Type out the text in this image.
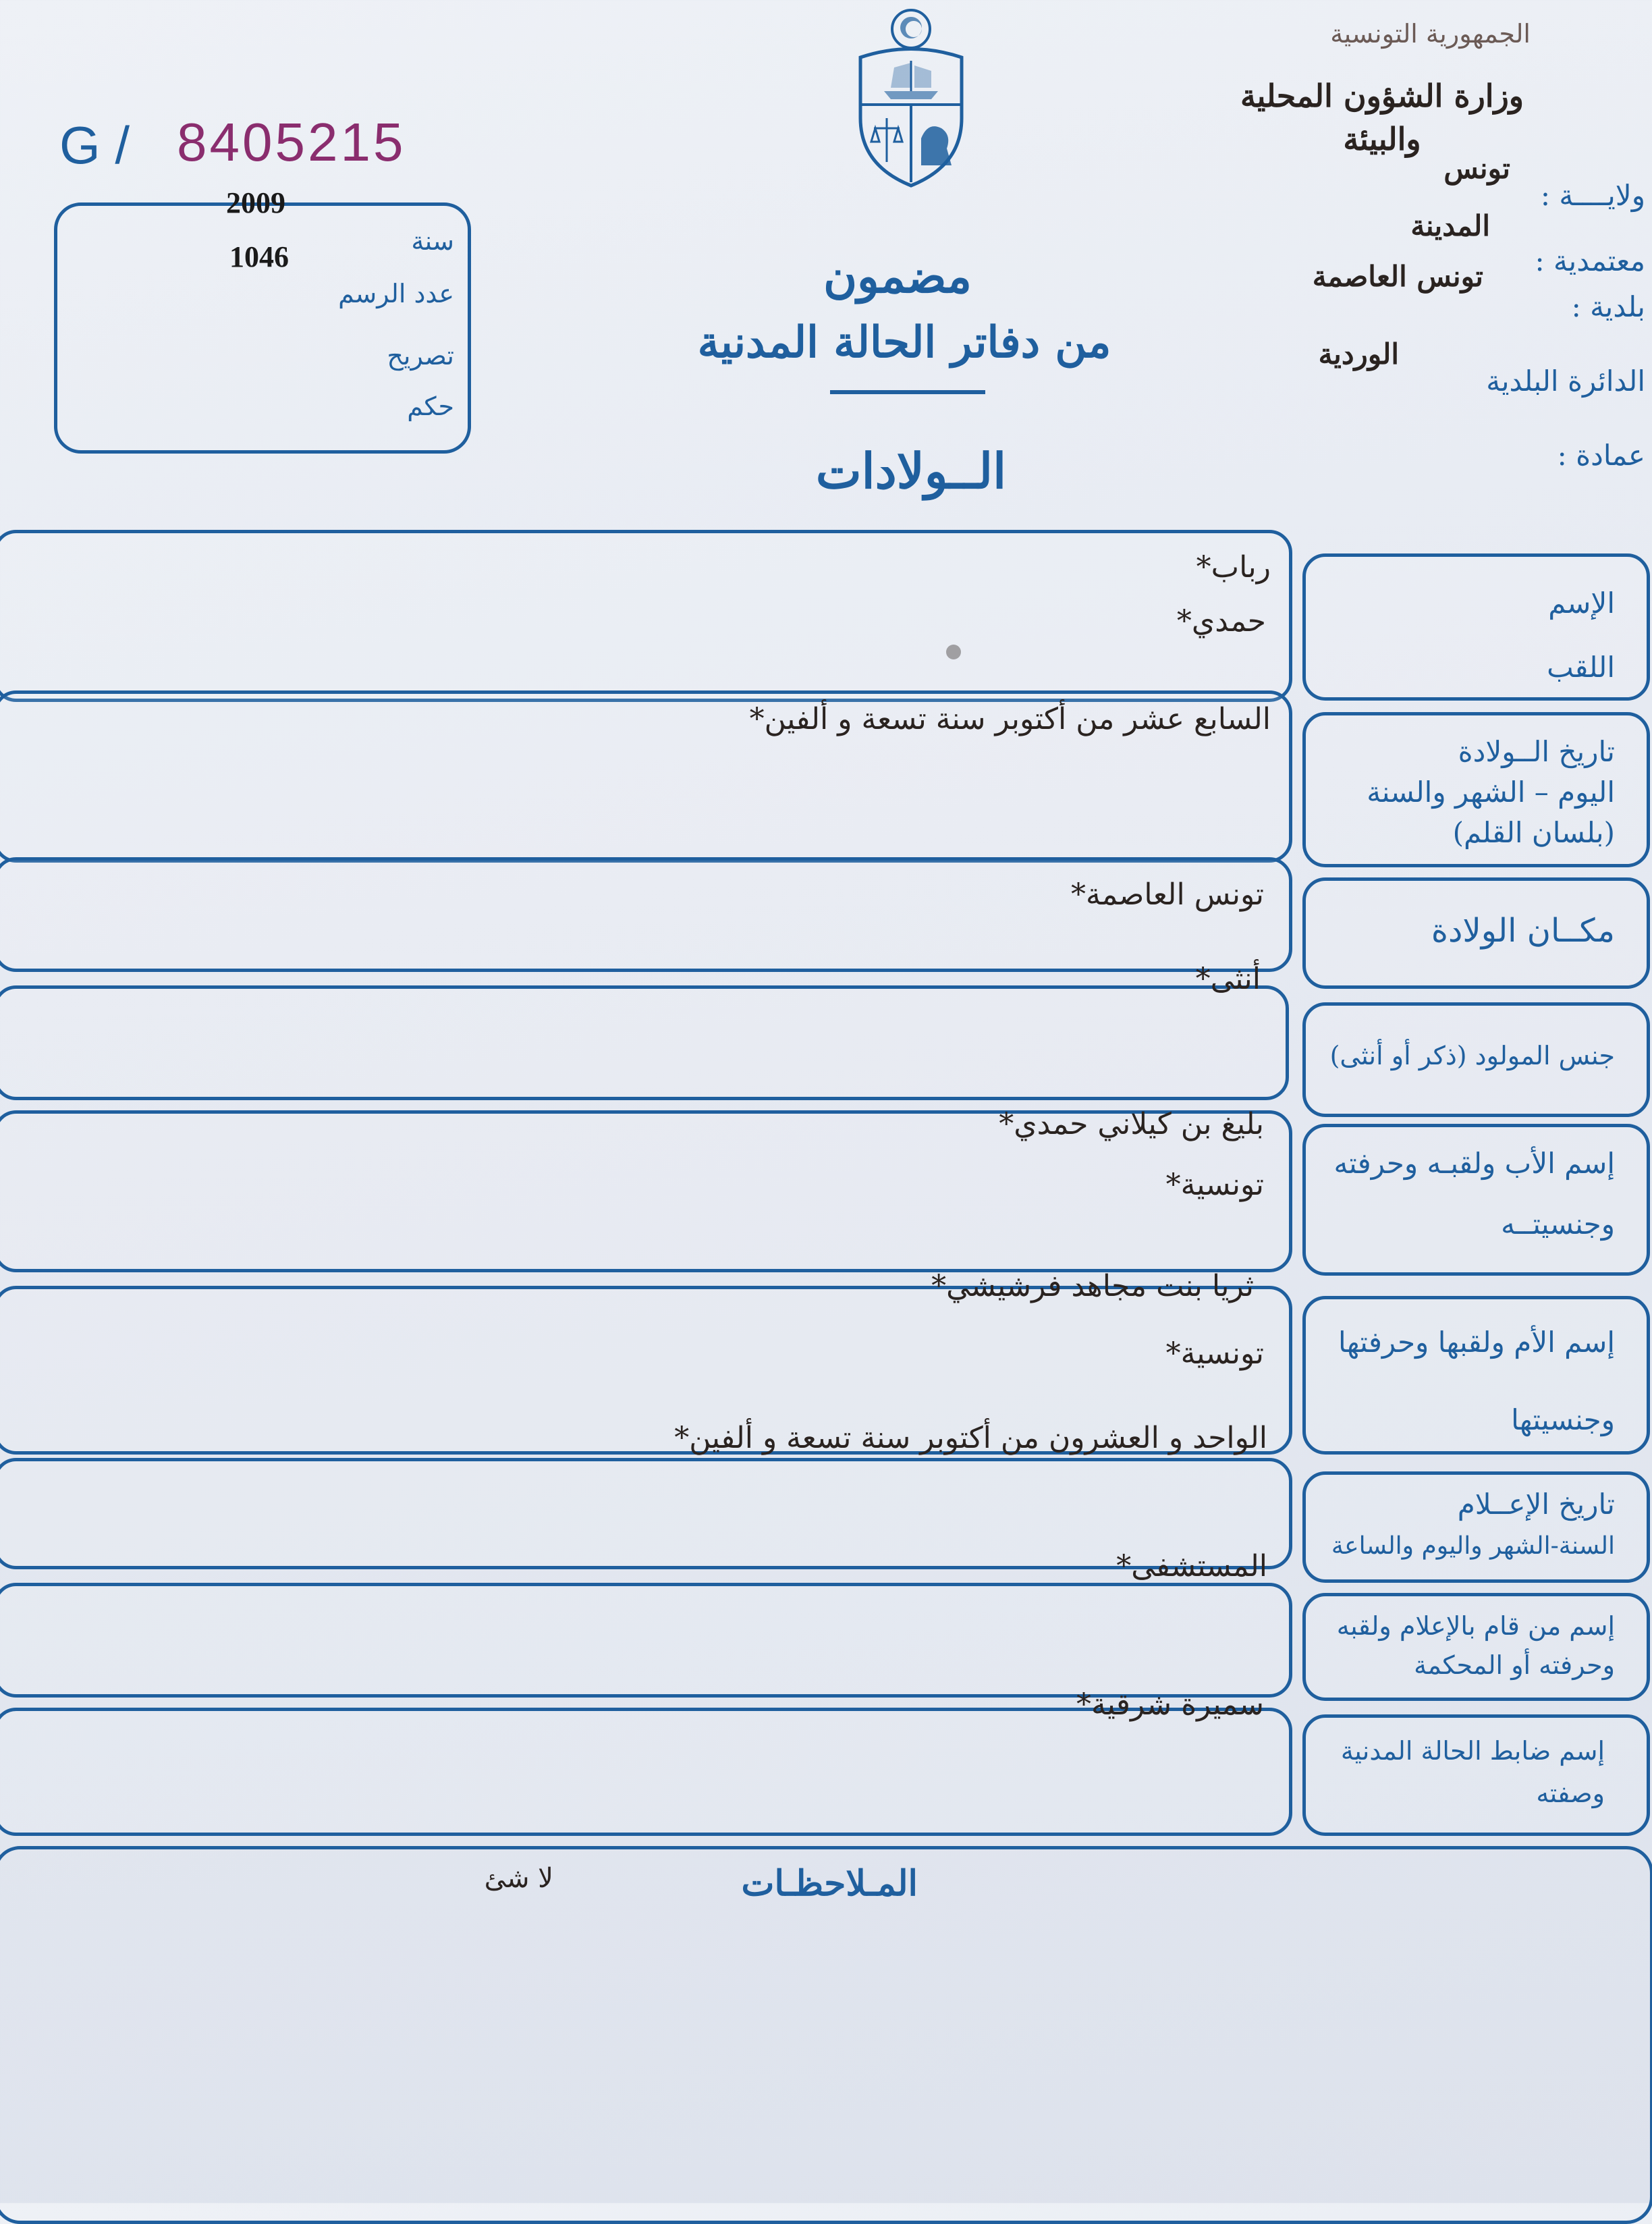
الجمهورية التونسية
وزارة الشؤون المحلية
والبيئة
ولايــــة :
تونس
معتمدية :
المدينة
بلدية :
تونس العاصمة
الدائرة البلدية
الوردية
عمادة :
G / 8405215
2009
سنة
1046
عدد الرسم
تصريح
حكم
مضمون
من دفاتر الحالة المدنية
الــولادات
الإسم
اللقب
رباب*
حمدي*
تاريخ الــولادة
اليوم – الشهر والسنة
(بلسان القلم)
السابع عشر من أكتوبر سنة تسعة و ألفين*
مكــان الولادة
تونس العاصمة*
جنس المولود (ذكر أو أنثى)
أنثى*
إسم الأب ولقبـه وحرفته
وجنسيتــه
بليغ بن كيلاني حمدي*
تونسية*
إسم الأم ولقبها وحرفتها
وجنسيتها
ثريا بنت مجاهد فرشيشي*
تونسية*
تاريخ الإعــلام
السنة-الشهر واليوم والساعة
الواحد و العشرون من أكتوبر سنة تسعة و ألفين*
إسم من قام بالإعلام ولقبه
وحرفته أو المحكمة
المستشفى*
إسم ضابط الحالة المدنية
وصفته
سميرة شرقية*
المـلاحظـات
لا شئ
